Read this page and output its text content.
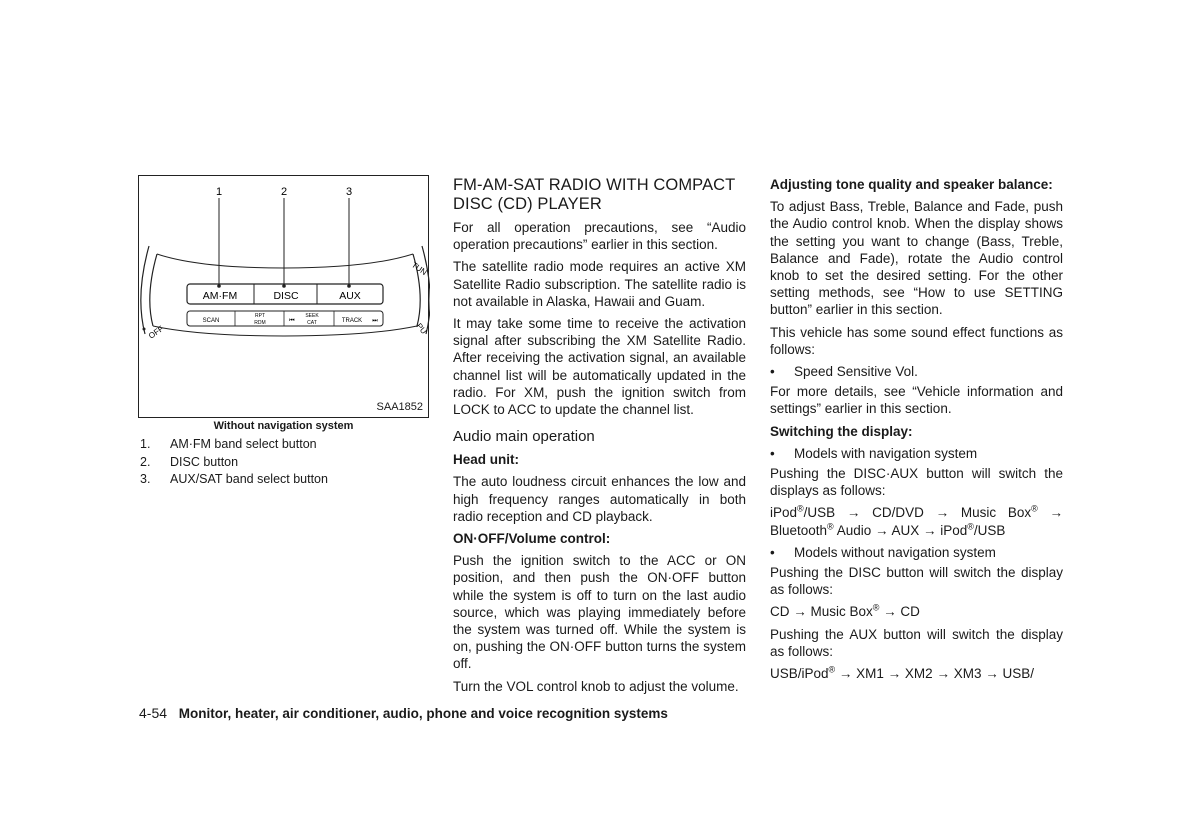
1	2	3
AM·FM	DISC	AUX
SCAN
RPT
RDM	⏮
SEEK
CAT	TRACK ⏭
OFF
TUN
PU
SAA1852
Without navigation system
1.	AM·FM band select button
2.	DISC button
3.	AUX/SAT band select button
FM-AM-SAT RADIO WITH COMPACT DISC (CD) PLAYER

For all operation precautions, see “Audio operation precautions” earlier in this section.

The satellite radio mode requires an active XM Satellite Radio subscription. The satellite radio is not available in Alaska, Hawaii and Guam.

It may take some time to receive the activation signal after subscribing the XM Satellite Radio. After receiving the activation signal, an available channel list will be automatically updated in the radio. For XM, push the ignition switch from LOCK to ACC to update the channel list.

Audio main operation

Head unit:

The auto loudness circuit enhances the low and high frequency ranges automatically in both radio reception and CD playback.

ON·OFF/Volume control:

Push the ignition switch to the ACC or ON position, and then push the ON·OFF button while the system is off to turn on the last audio source, which was playing immediately before the system was turned off. While the system is on, pushing the ON·OFF button turns the system off.

Turn the VOL control knob to adjust the volume.

Adjusting tone quality and speaker balance:

To adjust Bass, Treble, Balance and Fade, push the Audio control knob. When the display shows the setting you want to change (Bass, Treble, Balance and Fade), rotate the Audio control knob to set the desired setting. For the other setting methods, see “How to use SETTING button” earlier in this section.

This vehicle has some sound effect functions as follows:

•	Speed Sensitive Vol.

For more details, see “Vehicle information and settings” earlier in this section.

Switching the display:

•	Models with navigation system

Pushing the DISC·AUX button will switch the displays as follows:

iPod®/USB → CD/DVD → Music Box® → Bluetooth® Audio → AUX → iPod®/USB

•	Models without navigation system

Pushing the DISC button will switch the display as follows:

CD → Music Box® → CD

Pushing the AUX button will switch the display as follows:

USB/iPod® → XM1 → XM2 → XM3 → USB/

4-54 Monitor, heater, air conditioner, audio, phone and voice recognition systems
